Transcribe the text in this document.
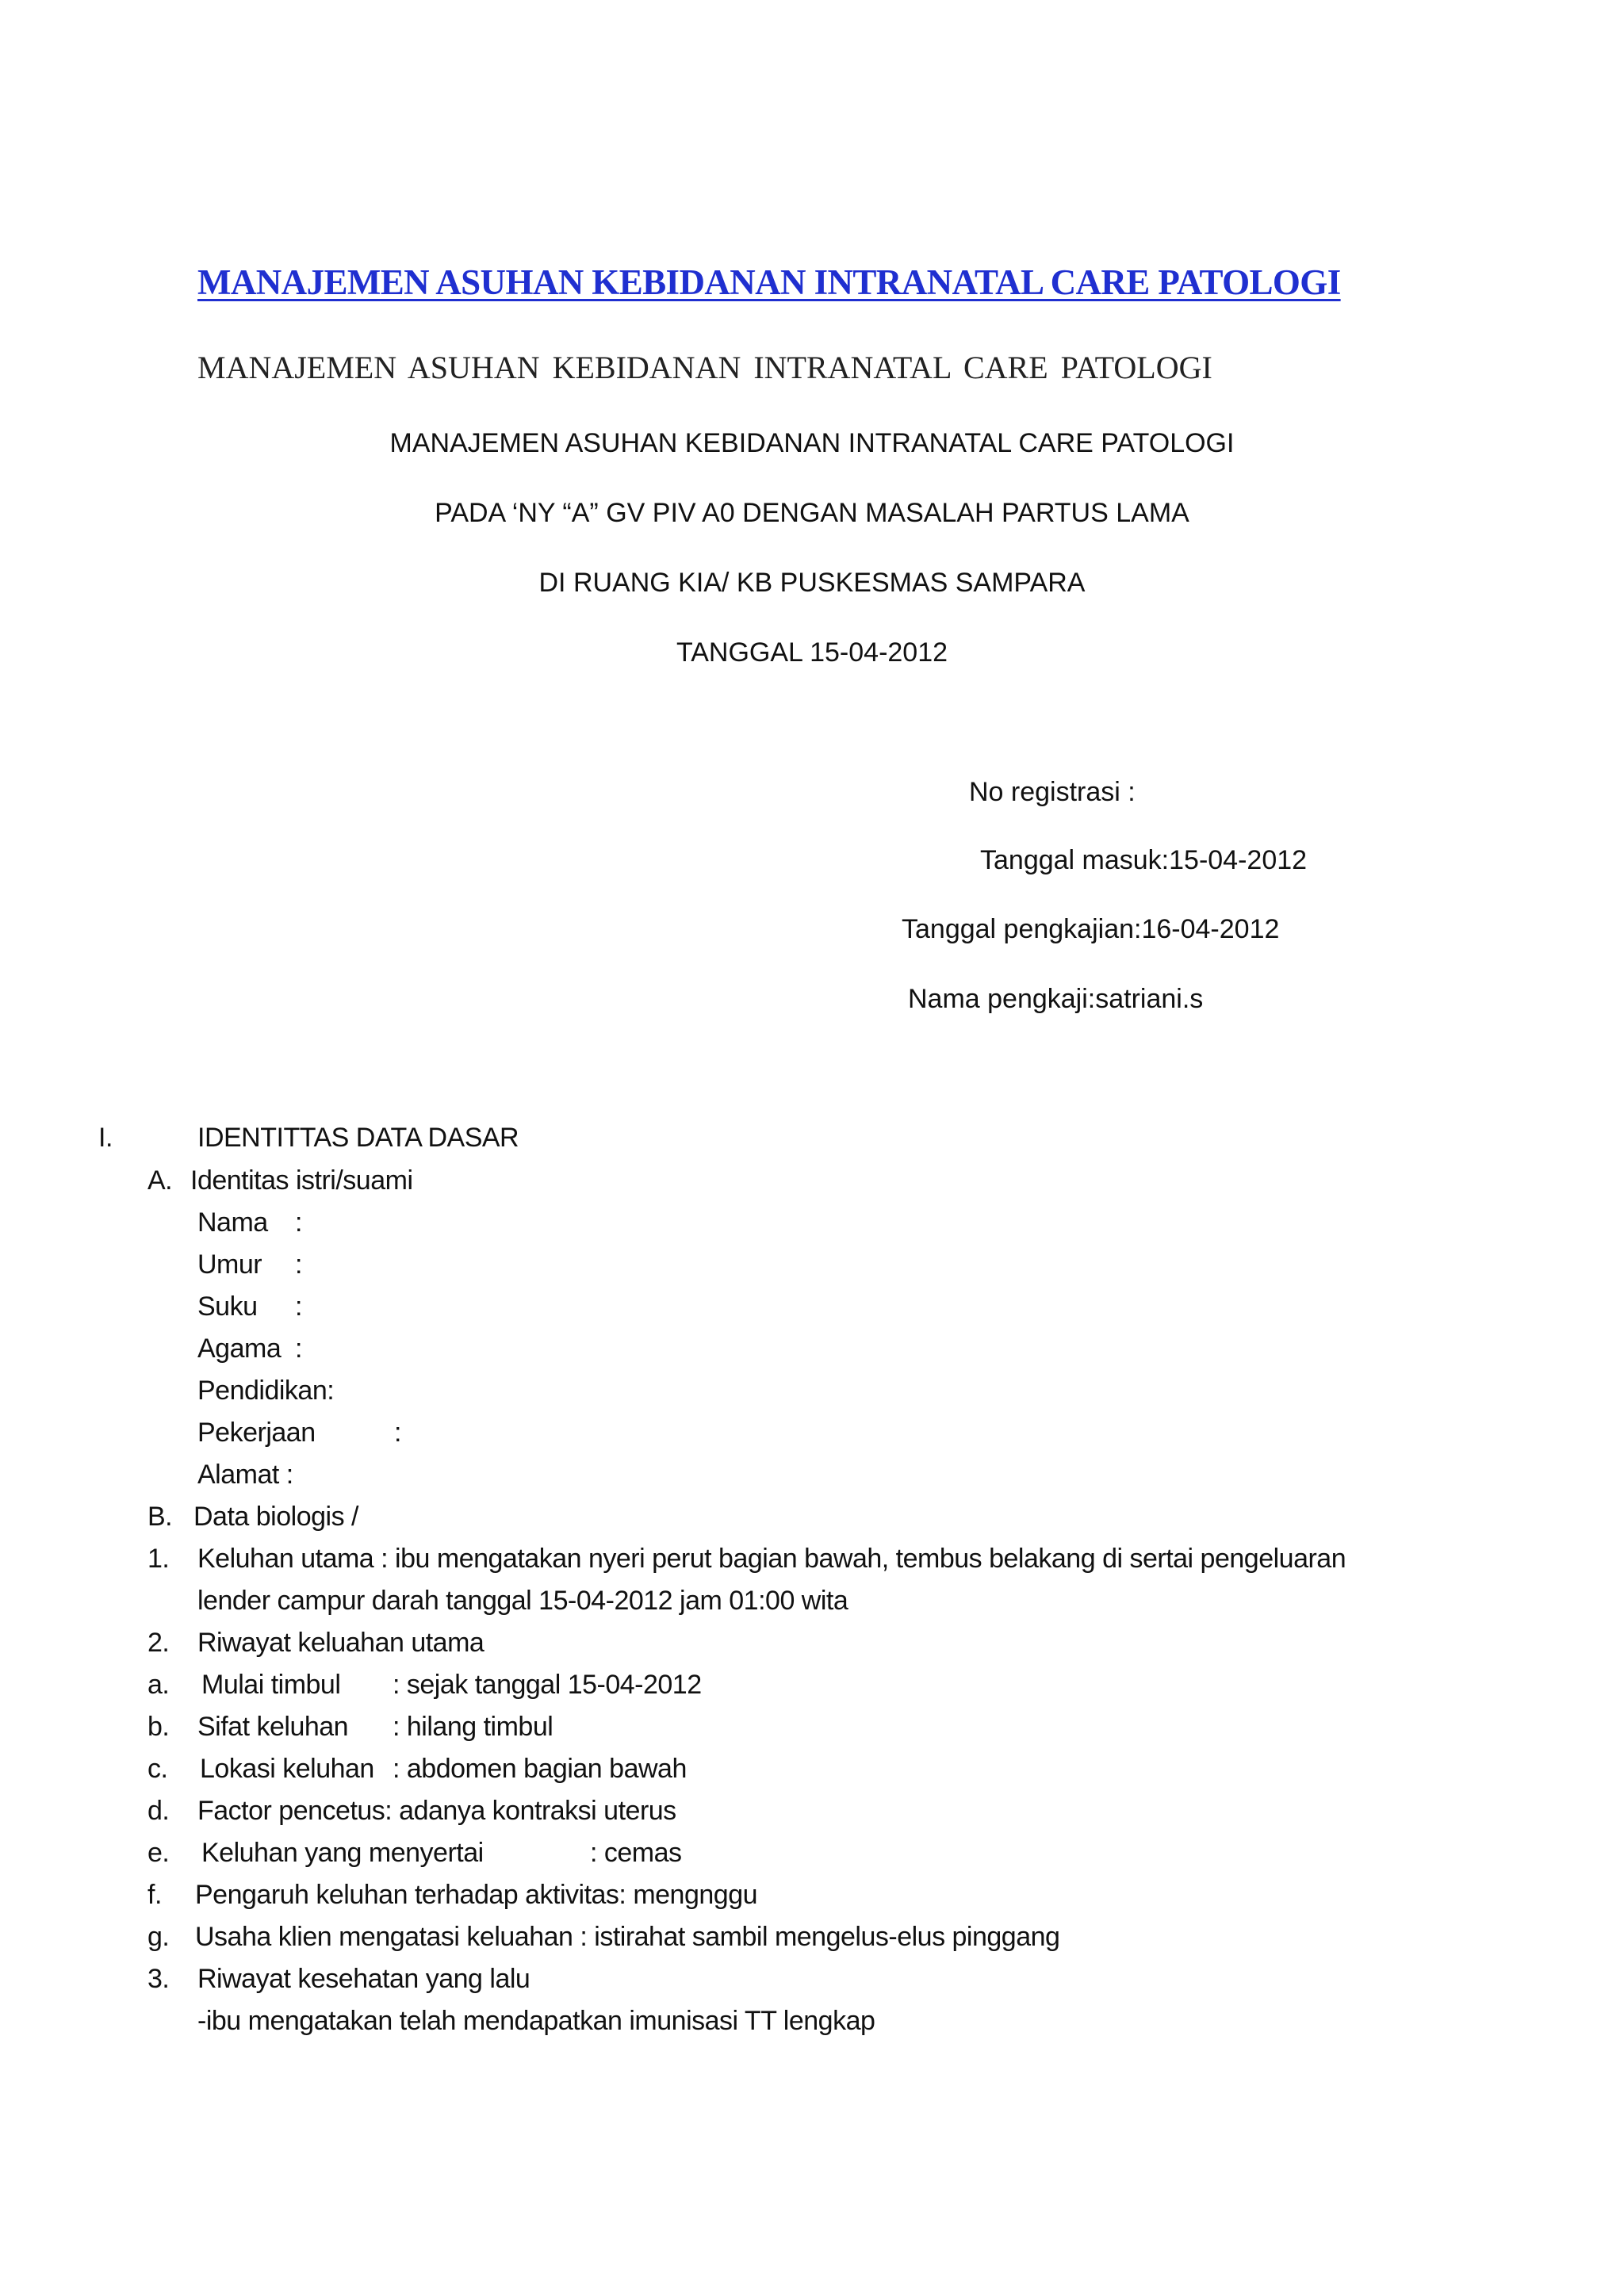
MANAJEMEN ASUHAN KEBIDANAN INTRANATAL CARE PATOLOGI
MANAJEMEN ASUHAN KEBIDANAN INTRANATAL CARE PATOLOGI
MANAJEMEN ASUHAN KEBIDANAN INTRANATAL CARE PATOLOGI
PADA ‘NY “A” GV PIV A0 DENGAN MASALAH PARTUS LAMA
DI RUANG KIA/ KB PUSKESMAS SAMPARA
TANGGAL 15-04-2012
No registrasi :
Tanggal masuk:15-04-2012
Tanggal pengkajian:16-04-2012
Nama pengkaji:satriani.s
I.	IDENTITTAS DATA DASAR
A. Identitas istri/suami
Nama :
Umur :
Suku :
Agama :
Pendidikan:
Pekerjaan	:
Alamat :
B. Data biologis /
1. Keluhan utama : ibu mengatakan nyeri perut bagian bawah, tembus belakang di sertai pengeluaran
lender campur darah tanggal 15-04-2012 jam 01:00 wita
2. Riwayat keluahan utama
a. Mulai timbul : sejak tanggal 15-04-2012
b. Sifat keluhan : hilang timbul
c. Lokasi keluhan : abdomen bagian bawah
d. Factor pencetus: adanya kontraksi uterus
e. Keluhan yang menyertai	: cemas
f. Pengaruh keluhan terhadap aktivitas: mengnggu
g. Usaha klien mengatasi keluahan : istirahat sambil mengelus-elus pinggang
3. Riwayat kesehatan yang lalu
-ibu mengatakan telah mendapatkan imunisasi TT lengkap
